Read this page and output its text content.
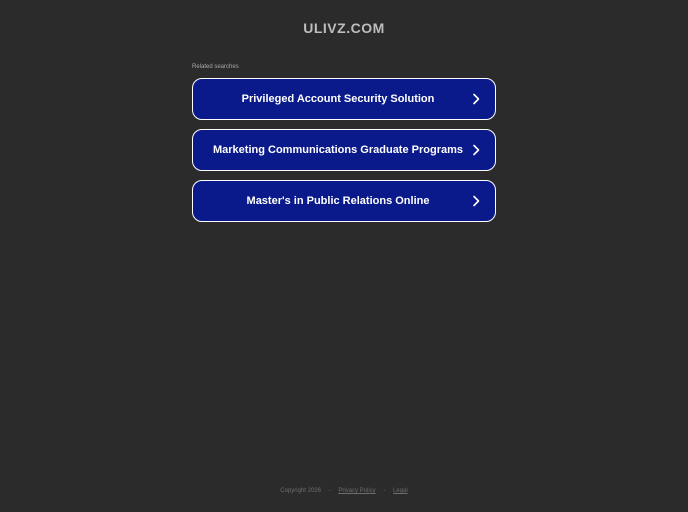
ULIVZ.COM
Related searches
Privileged Account Security Solution
Marketing Communications Graduate Programs
Master's in Public Relations Online
Copyright 2026 - Privacy Policy - Legal
